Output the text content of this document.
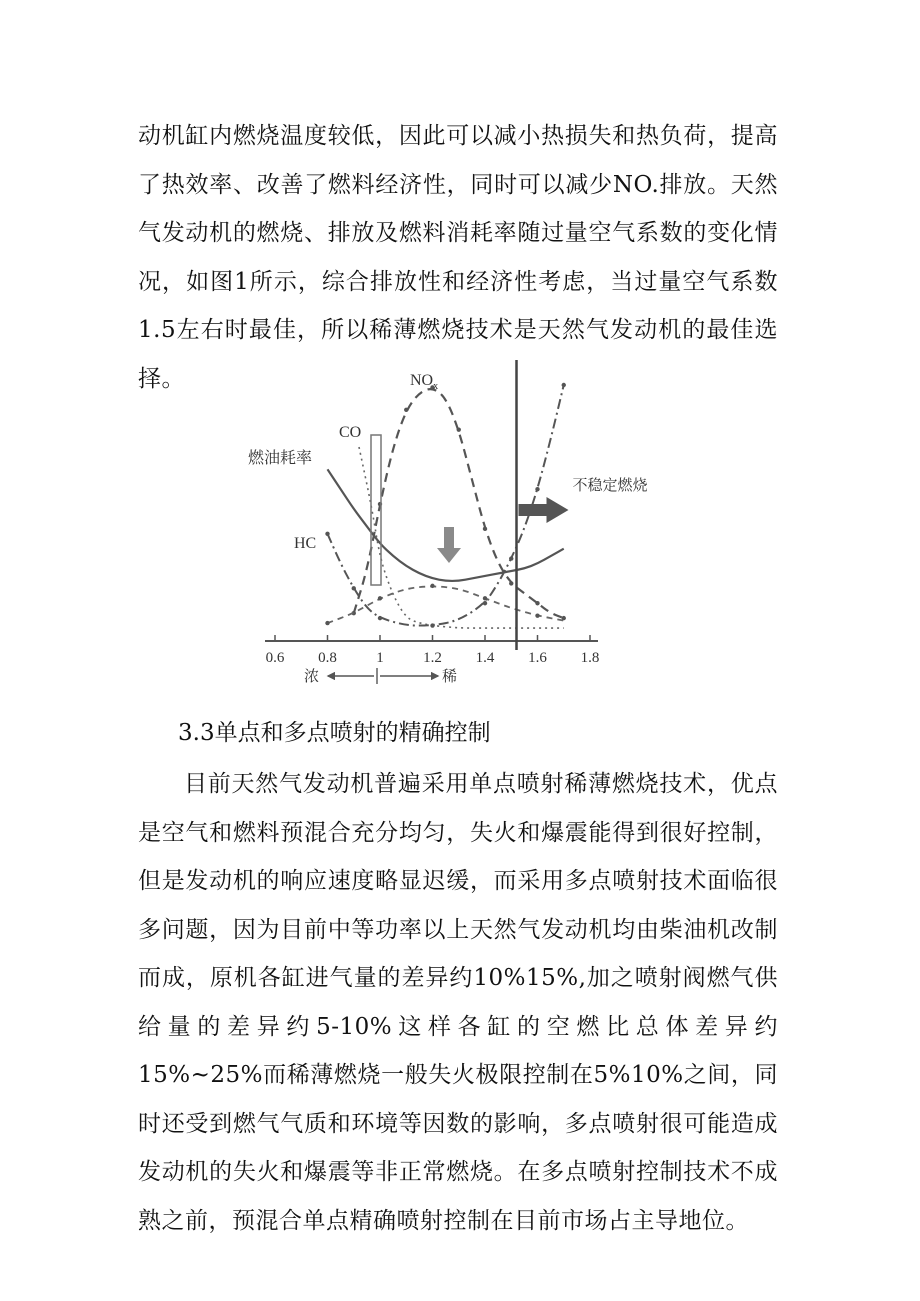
动机缸内燃烧温度较低，因此可以减小热损失和热负荷，提高了热效率、改善了燃料经济性，同时可以减少NO.排放。天然气发动机的燃烧、排放及燃料消耗率随过量空气系数的变化情况，如图1所示，综合排放性和经济性考虑，当过量空气系数1.5左右时最佳，所以稀薄燃烧技术是天然气发动机的最佳选择。

0.6 0.8	1	1.2 1.4 1.6 1.8
不稳定燃烧
$NO_x$
CO
燃油耗率
HC
浓	稀

3.3单点和多点喷射的精确控制

目前天然气发动机普遍采用单点喷射稀薄燃烧技术，优点是空气和燃料预混合充分均匀，失火和爆震能得到很好控制，但是发动机的响应速度略显迟缓，而采用多点喷射技术面临很多问题，因为目前中等功率以上天然气发动机均由柴油机改制而成，原机各缸进气量的差异约10%15%,加之喷射阀燃气供给量的差异约5-10%这样各缸的空燃比总体差异约15%~25%而稀薄燃烧一般失火极限控制在5%10%之间，同时还受到燃气气质和环境等因数的影响，多点喷射很可能造成发动机的失火和爆震等非正常燃烧。在多点喷射控制技术不成熟之前，预混合单点精确喷射控制在目前市场占主导地位。
